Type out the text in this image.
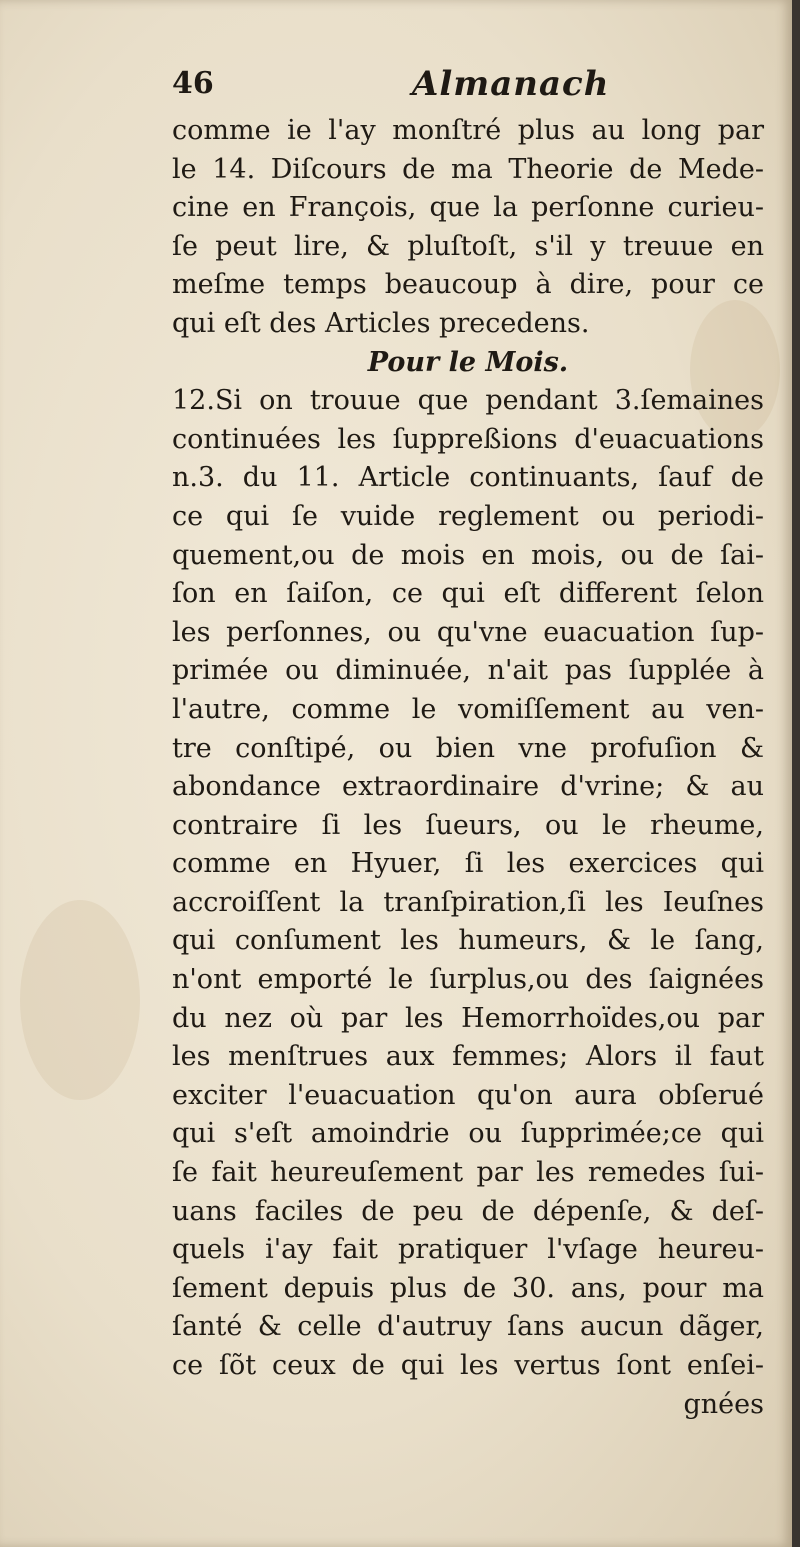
46	Almanach
comme ie l'ay monſtré plus au long par
le 14. Diſcours de ma Theorie de Mede-
cine en François, que la perſonne curieu-
ſe peut lire, & pluſtoſt, s'il y treuue en
meſme temps beaucoup à dire, pour ce
qui eſt des Articles precedens.
Pour le Mois.
12.Si on trouue que pendant 3.ſemaines
continuées les ſuppreßions d'euacuations
n.3. du 11. Article continuants, ſauf de
ce qui ſe vuide reglement ou periodi-
quement,ou de mois en mois, ou de ſai-
ſon en ſaiſon, ce qui eſt different ſelon
les perſonnes, ou qu'vne euacuation ſup-
primée ou diminuée, n'ait pas ſupplée à
l'autre, comme le vomiſſement au ven-
tre conſtipé, ou bien vne profuſion &
abondance extraordinaire d'vrine; & au
contraire ſi les ſueurs, ou le rheume,
comme en Hyuer, ſi les exercices qui
accroiſſent la tranſpiration,ſi les Ieuſnes
qui conſument les humeurs, & le ſang,
n'ont emporté le ſurplus,ou des ſaignées
du nez où par les Hemorrhoïdes,ou par
les menſtrues aux femmes; Alors il faut
exciter l'euacuation qu'on aura obſerué
qui s'eſt amoindrie ou ſupprimée;ce qui
ſe fait heureuſement par les remedes ſui-
uans faciles de peu de dépenſe, & deſ-
quels i'ay fait pratiquer l'vſage heureu-
ſement depuis plus de 30. ans, pour ma
ſanté & celle d'autruy ſans aucun dãger,
ce ſõt ceux de qui les vertus ſont enſei-
gnées
